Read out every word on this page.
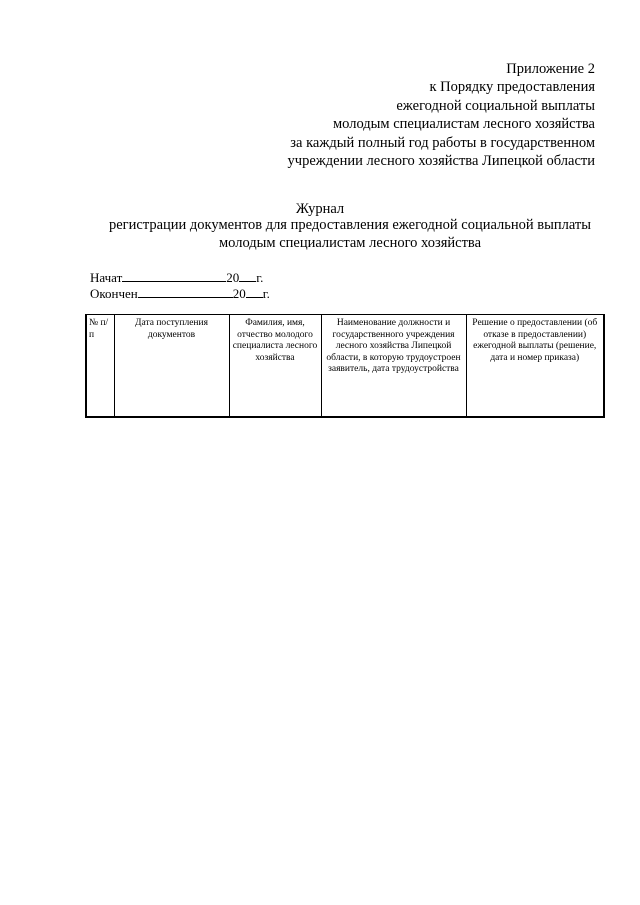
Приложение 2
к Порядку предоставления
ежегодной социальной выплаты
молодым специалистам лесного хозяйства
за каждый полный год работы в государственном
учреждении лесного хозяйства Липецкой области
Журнал
регистрации документов для предоставления ежегодной социальной выплаты
молодым специалистам лесного хозяйства
Начат	20 г.
Окончен	20 г.
№ п/п	Дата поступления документов	Фамилия, имя, отчество молодого специалиста лесного хозяйства	Наименование должности и государственного учреждения лесного хозяйства Липецкой области, в которую трудоустроен заявитель, дата трудоустройства	Решение о предоставлении (об отказе в предоставлении) ежегодной выплаты (решение, дата и номер приказа)
